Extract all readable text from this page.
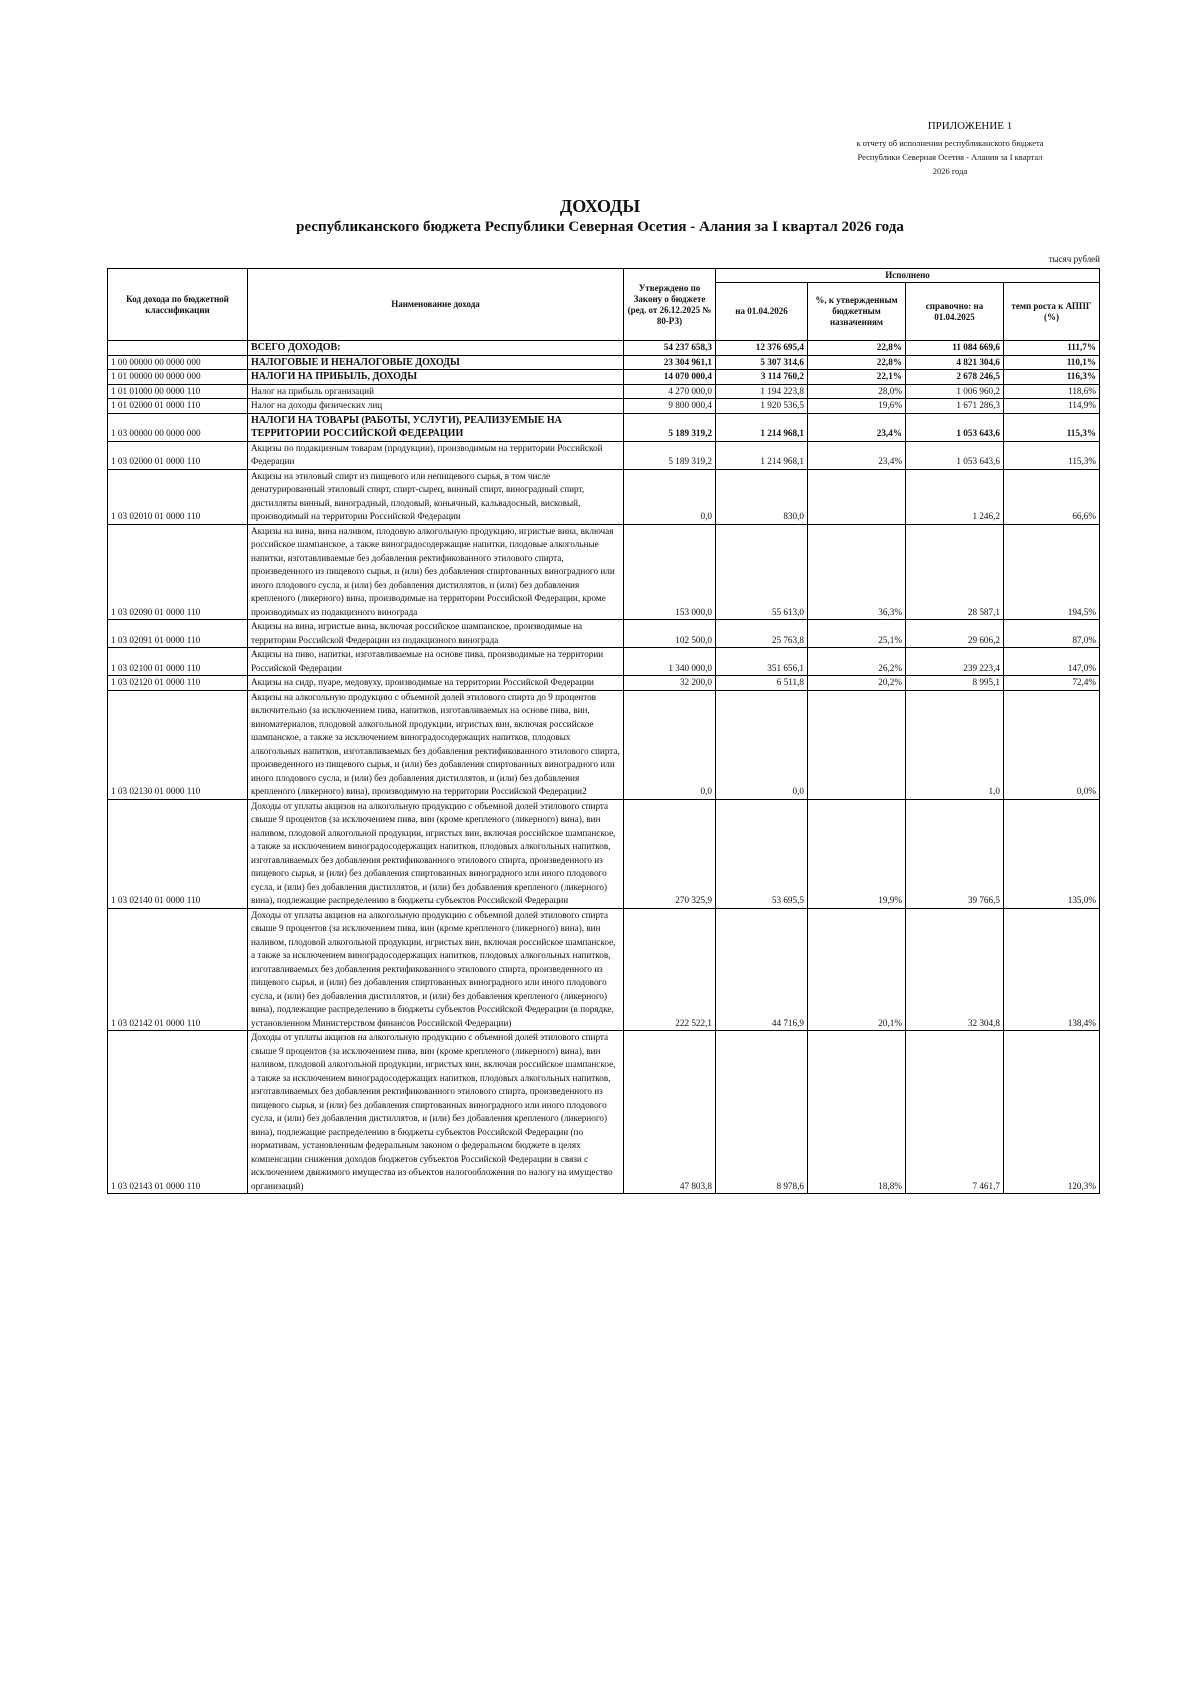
ПРИЛОЖЕНИЕ 1
к отчету об исполнении республиканского бюджета
Республики Северная Осетия - Алания за I квартал
2026 года
ДОХОДЫ
республиканского бюджета Республики Северная Осетия - Алания за I квартал 2026 года
тысяч рублей
Код дохода по бюджетной классификации	Наименование дохода	Утверждено по Закону о бюджете (ред. от 26.12.2025 № 80-РЗ)	Исполнено			
			на 01.04.2026	%, к утвержденным бюджетным назначениям	справочно: на 01.04.2025	темп роста к АППГ (%)
	ВСЕГО ДОХОДОВ:	54 237 658,3	12 376 695,4	22,8%	11 084 669,6	111,7%
1 00 00000 00 0000 000	НАЛОГОВЫЕ И НЕНАЛОГОВЫЕ ДОХОДЫ	23 304 961,1	5 307 314,6	22,8%	4 821 304,6	110,1%
1 01 00000 00 0000 000	НАЛОГИ НА ПРИБЫЛЬ, ДОХОДЫ	14 070 000,4	3 114 760,2	22,1%	2 678 246,5	116,3%
1 01 01000 00 0000 110	Налог на прибыль организаций	4 270 000,0	1 194 223,8	28,0%	1 006 960,2	118,6%
1 01 02000 01 0000 110	Налог на доходы физических лиц	9 800 000,4	1 920 536,5	19,6%	1 671 286,3	114,9%
1 03 00000 00 0000 000	НАЛОГИ НА ТОВАРЫ (РАБОТЫ, УСЛУГИ), РЕАЛИЗУЕМЫЕ НА ТЕРРИТОРИИ РОССИЙСКОЙ ФЕДЕРАЦИИ	5 189 319,2	1 214 968,1	23,4%	1 053 643,6	115,3%
1 03 02000 01 0000 110	Акцизы по подакцизным товарам (продукции), производимым на территории Российской Федерации	5 189 319,2	1 214 968,1	23,4%	1 053 643,6	115,3%
1 03 02010 01 0000 110	Акцизы на этиловый спирт из пищевого или непищевого сырья, в том числе денатурированный этиловый спирт, спирт-сырец, винный спирт, виноградный спирт, дистилляты винный, виноградный, плодовый, коньячный, кальвадосный, висковый, производимый на территории Российской Федерации	0,0	830,0		1 246,2	66,6%
1 03 02090 01 0000 110	Акцизы на вина, вина наливом, плодовую алкогольную продукцию, игристые вина, включая российское шампанское, а также виноградосодержащие напитки, плодовые алкогольные напитки, изготавливаемые без добавления ректификованного этилового спирта, произведенного из пищевого сырья, и (или) без добавления спиртованных виноградного или иного плодового сусла, и (или) без добавления дистиллятов, и (или) без добавления крепленого (ликерного) вина, производимые на территории Российской Федерации, кроме производимых из подакцизного винограда	153 000,0	55 613,0	36,3%	28 587,1	194,5%
1 03 02091 01 0000 110	Акцизы на вина, игристые вина, включая российское шампанское, производимые на территории Российской Федерации из подакцизного винограда	102 500,0	25 763,8	25,1%	29 606,2	87,0%
1 03 02100 01 0000 110	Акцизы на пиво, напитки, изготавливаемые на основе пива, производимые на территории Российской Федерации	1 340 000,0	351 656,1	26,2%	239 223,4	147,0%
1 03 02120 01 0000 110	Акцизы на сидр, пуаре, медовуху, производимые на территории Российской Федерации	32 200,0	6 511,8	20,2%	8 995,1	72,4%
1 03 02130 01 0000 110	Акцизы на алкогольную продукцию с объемной долей этилового спирта до 9 процентов включительно (за исключением пива, напитков, изготавливаемых на основе пива, вин, виноматериалов, плодовой алкогольной продукции, игристых вин, включая российское шампанское, а также за исключением виноградосодержащих напитков, плодовых алкогольных напитков, изготавливаемых без добавления ректификованного этилового спирта, произведенного из пищевого сырья, и (или) без добавления спиртованных виноградного или иного плодового сусла, и (или) без добавления дистиллятов, и (или) без добавления крепленого (ликерного) вина), производимую на территории Российской Федерации2	0,0	0,0		1,0	0,0%
1 03 02140 01 0000 110	Доходы от уплаты акцизов на алкогольную продукцию с объемной долей этилового спирта свыше 9 процентов (за исключением пива, вин (кроме крепленого (ликерного) вина), вин наливом, плодовой алкогольной продукции, игристых вин, включая российское шампанское, а также за исключением виноградосодержащих напитков, плодовых алкогольных напитков, изготавливаемых без добавления ректификованного этилового спирта, произведенного из пищевого сырья, и (или) без добавления спиртованных виноградного или иного плодового сусла, и (или) без добавления дистиллятов, и (или) без добавления крепленого (ликерного) вина), подлежащие распределению в бюджеты субъектов Российской Федерации	270 325,9	53 695,5	19,9%	39 766,5	135,0%
1 03 02142 01 0000 110	Доходы от уплаты акцизов на алкогольную продукцию с объемной долей этилового спирта свыше 9 процентов (за исключением пива, вин (кроме крепленого (ликерного) вина), вин наливом, плодовой алкогольной продукции, игристых вин, включая российское шампанское, а также за исключением виноградосодержащих напитков, плодовых алкогольных напитков, изготавливаемых без добавления ректификованного этилового спирта, произведенного из пищевого сырья, и (или) без добавления спиртованных виноградного или иного плодового сусла, и (или) без добавления дистиллятов, и (или) без добавления крепленого (ликерного) вина), подлежащие распределению в бюджеты субъектов Российской Федерации (в порядке, установленном Министерством финансов Российской Федерации)	222 522,1	44 716,9	20,1%	32 304,8	138,4%
1 03 02143 01 0000 110	Доходы от уплаты акцизов на алкогольную продукцию с объемной долей этилового спирта свыше 9 процентов (за исключением пива, вин (кроме крепленого (ликерного) вина), вин наливом, плодовой алкогольной продукции, игристых вин, включая российское шампанское, а также за исключением виноградосодержащих напитков, плодовых алкогольных напитков, изготавливаемых без добавления ректификованного этилового спирта, произведенного из пищевого сырья, и (или) без добавления спиртованных виноградного или иного плодового сусла, и (или) без добавления дистиллятов, и (или) без добавления крепленого (ликерного) вина), подлежащие распределению в бюджеты субъектов Российской Федерации (по нормативам, установленным федеральным законом о федеральном бюджете в целях компенсации снижения доходов бюджетов субъектов Российской Федерации в связи с исключением движимого имущества из объектов налогообложения по налогу на имущество организаций)	47 803,8	8 978,6	18,8%	7 461,7	120,3%
